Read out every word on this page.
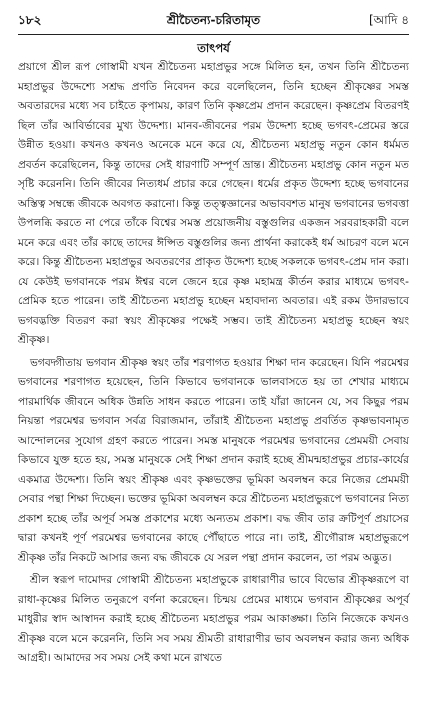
১৮২	শ্রীচৈতন্য-চরিতামৃত	[আদি ৪
তাৎপর্য

প্রয়াগে শ্রীল রূপ গোস্বামী যখন শ্রীচৈতন্য মহাপ্রভুর সঙ্গে মিলিত হন, তখন তিনি শ্রীচৈতন্য মহাপ্রভুর উদ্দেশ্যে সশ্রদ্ধ প্রণতি নিবেদন করে বলেছিলেন, তিনি হচ্ছেন শ্রীকৃষ্ণের সমস্ত অবতারদের মধ্যে সব চাইতে কৃপাময়, কারণ তিনি কৃষ্ণপ্রেম প্রদান করেছেন। কৃষ্ণপ্রেম বিতরণই ছিল তাঁর আবির্ভাবের মুখ্য উদ্দেশ্য। মানব-জীবনের পরম উদ্দেশ্য হচ্ছে ভগবৎ-প্রেমের স্তরে উন্নীত হওয়া। কখনও কখনও অনেকে মনে করে যে, শ্রীচৈতন্য মহাপ্রভু নতুন কোন ধর্মমত প্রবর্তন করেছিলেন, কিন্তু তাদের সেই ধারণাটি সম্পূর্ণ ভ্রান্ত। শ্রীচৈতন্য মহাপ্রভু কোন নতুন মত সৃষ্টি করেননি। তিনি জীবের নিত্যধর্ম প্রচার করে গেছেন। ধর্মের প্রকৃত উদ্দেশ্য হচ্ছে ভগবানের অস্তিত্ব সম্বন্ধে জীবকে অবগত করানো। কিন্তু তত্ত্বজ্ঞানের অভাববশত মানুষ ভগবানের ভগবত্তা উপলব্ধি করতে না পেরে তাঁকে বিশ্বের সমস্ত প্রয়োজনীয় বস্তুগুলির একজন সরবরাহকারী বলে মনে করে এবং তাঁর কাছে তাদের ঈপ্সিত বস্তুগুলির জন্য প্রার্থনা করাকেই ধর্ম আচরণ বলে মনে করে। কিন্তু শ্রীচৈতন্য মহাপ্রভুর অবতরণের প্রাকৃত উদ্দেশ্য হচ্ছে সকলকে ভগবৎ-প্রেম দান করা। যে কেউই ভগবানকে পরম ঈশ্বর বলে জেনে হরে কৃষ্ণ মহামন্ত্র কীর্তন করার মাধ্যমে ভগবৎ-প্রেমিক হতে পারেন। তাই শ্রীচৈতন্য মহাপ্রভু হচ্ছেন মহাবদান্য অবতার। এই রকম উদারভাবে ভগবদ্ভক্তি বিতরণ করা স্বয়ং শ্রীকৃষ্ণের পক্ষেই সম্ভব। তাই শ্রীচৈতন্য মহাপ্রভু হচ্ছেন স্বয়ং শ্রীকৃষ্ণ।

ভগবদ্গীতায় ভগবান শ্রীকৃষ্ণ স্বয়ং তাঁর শরণাগত হওয়ার শিক্ষা দান করেছেন। যিনি পরমেশ্বর ভগবানের শরণাগত হয়েছেন, তিনি কিভাবে ভগবানকে ভালবাসতে হয় তা শেখার মাধ্যমে পারমার্থিক জীবনে অধিক উন্নতি সাধন করতে পারেন। তাই যাঁরা জানেন যে, সব কিছুর পরম নিয়ন্তা পরমেশ্বর ভগবান সর্বত্র বিরাজমান, তাঁরাই শ্রীচৈতন্য মহাপ্রভু প্রবর্তিত কৃষ্ণভাবনামৃত আন্দোলনের সুযোগ গ্রহণ করতে পারেন। সমস্ত মানুষকে পরমেশ্বর ভগবানের প্রেমময়ী সেবায় কিভাবে যুক্ত হতে হয়, সমস্ত মানুষকে সেই শিক্ষা প্রদান করাই হচ্ছে শ্রীমন্মহাপ্রভুর প্রচার-কার্যের একমাত্র উদ্দেশ্য। তিনি স্বয়ং শ্রীকৃষ্ণ এবং কৃষ্ণভক্তের ভূমিকা অবলম্বন করে নিজের প্রেমময়ী সেবার পন্থা শিক্ষা দিচ্ছেন। ভক্তের ভূমিকা অবলম্বন করে শ্রীচৈতন্য মহাপ্রভুরূপে ভগবানের নিত্য প্রকাশ হচ্ছে তাঁর অপূর্ব সমস্ত প্রকাশের মধ্যে অন্যতম প্রকাশ। বদ্ধ জীব তার ক্রটিপূর্ণ প্রয়াসের দ্বারা কখনই পূর্ণ পরমেশ্বর ভগবানের কাছে পৌঁছাতে পারে না। তাই, শ্রীগৌরাঙ্গ মহাপ্রভুরূপে শ্রীকৃষ্ণ তাঁর নিকটে আসার জন্য বদ্ধ জীবকে যে সরল পন্থা প্রদান করলেন, তা পরম অদ্ভুত।

শ্রীল স্বরূপ দামোদর গোস্বামী শ্রীচৈতন্য মহাপ্রভুকে রাধারাণীর ভাবে বিভোর শ্রীকৃষ্ণরূপে বা রাধা-কৃষ্ণের মিলিত তনুরূপে বর্ণনা করেছেন। চিন্ময় প্রেমের মাধ্যমে ভগবান শ্রীকৃষ্ণের অপূর্ব মাধুরীর স্বাদ আস্বাদন করাই হচ্ছে শ্রীচৈতন্য মহাপ্রভুর পরম আকাঙ্ক্ষা। তিনি নিজেকে কখনও শ্রীকৃষ্ণ বলে মনে করেননি, তিনি সব সময় শ্রীমতী রাধারাণীর ভাব অবলম্বন করার জন্য অধিক আগ্রহী। আমাদের সব সময় সেই কথা মনে রাখতে
